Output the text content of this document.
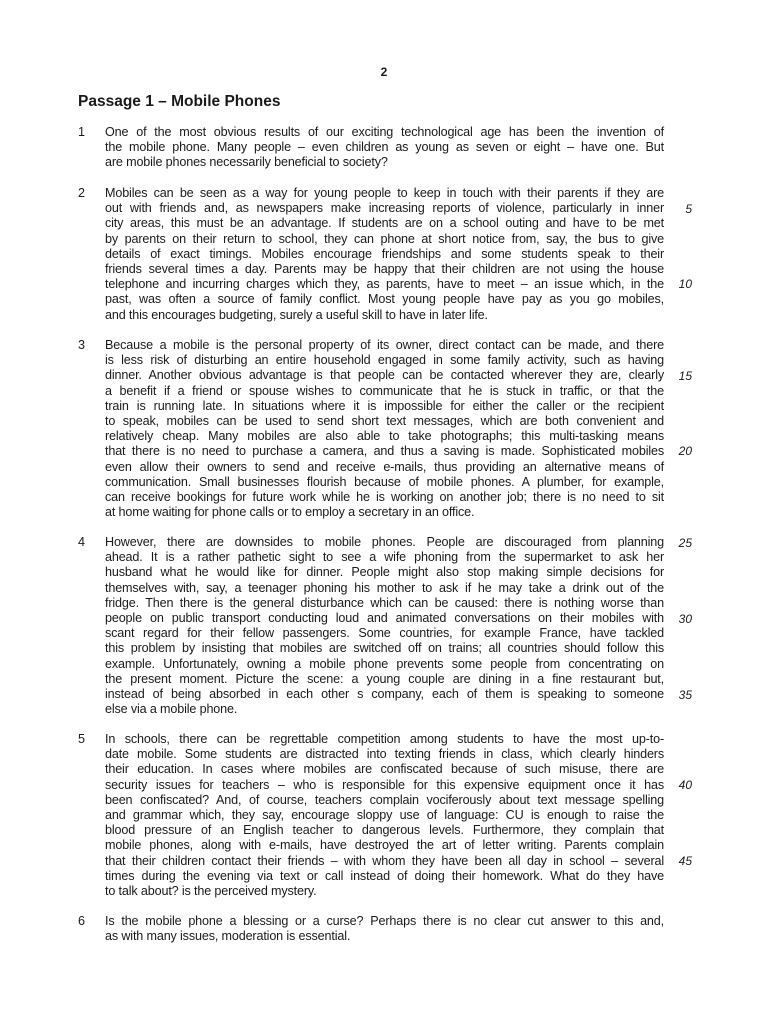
2
Passage 1 – Mobile Phones
1 One of the most obvious results of our exciting technological age has been the invention of
the mobile phone. Many people – even children as young as seven or eight – have one. But
are mobile phones necessarily beneficial to society?
2 Mobiles can be seen as a way for young people to keep in touch with their parents if they are
out with friends and, as newspapers make increasing reports of violence, particularly in inner
city areas, this must be an advantage. If students are on a school outing and have to be met
by parents on their return to school, they can phone at short notice from, say, the bus to give
details of exact timings. Mobiles encourage friendships and some students speak to their
friends several times a day. Parents may be happy that their children are not using the house
telephone and incurring charges which they, as parents, have to meet – an issue which, in the
past, was often a source of family conflict. Most young people have pay as you go mobiles,
and this encourages budgeting, surely a useful skill to have in later life.
3 Because a mobile is the personal property of its owner, direct contact can be made, and there
is less risk of disturbing an entire household engaged in some family activity, such as having
dinner. Another obvious advantage is that people can be contacted wherever they are, clearly
a benefit if a friend or spouse wishes to communicate that he is stuck in traffic, or that the
train is running late. In situations where it is impossible for either the caller or the recipient
to speak, mobiles can be used to send short text messages, which are both convenient and
relatively cheap. Many mobiles are also able to take photographs; this multi-tasking means
that there is no need to purchase a camera, and thus a saving is made. Sophisticated mobiles
even allow their owners to send and receive e-mails, thus providing an alternative means of
communication. Small businesses flourish because of mobile phones. A plumber, for example,
can receive bookings for future work while he is working on another job; there is no need to sit
at home waiting for phone calls or to employ a secretary in an office.
4 However, there are downsides to mobile phones. People are discouraged from planning
ahead. It is a rather pathetic sight to see a wife phoning from the supermarket to ask her
husband what he would like for dinner. People might also stop making simple decisions for
themselves with, say, a teenager phoning his mother to ask if he may take a drink out of the
fridge. Then there is the general disturbance which can be caused: there is nothing worse than
people on public transport conducting loud and animated conversations on their mobiles with
scant regard for their fellow passengers. Some countries, for example France, have tackled
this problem by insisting that mobiles are switched off on trains; all countries should follow this
example. Unfortunately, owning a mobile phone prevents some people from concentrating on
the present moment. Picture the scene: a young couple are dining in a fine restaurant but,
instead of being absorbed in each other s company, each of them is speaking to someone
else via a mobile phone.
5 In schools, there can be regrettable competition among students to have the most up-to-
date mobile. Some students are distracted into texting friends in class, which clearly hinders
their education. In cases where mobiles are confiscated because of such misuse, there are
security issues for teachers – who is responsible for this expensive equipment once it has
been confiscated? And, of course, teachers complain vociferously about text message spelling
and grammar which, they say, encourage sloppy use of language: CU is enough to raise the
blood pressure of an English teacher to dangerous levels. Furthermore, they complain that
mobile phones, along with e-mails, have destroyed the art of letter writing. Parents complain
that their children contact their friends – with whom they have been all day in school – several
times during the evening via text or call instead of doing their homework. What do they have
to talk about? is the perceived mystery.
6 Is the mobile phone a blessing or a curse? Perhaps there is no clear cut answer to this and,
as with many issues, moderation is essential.
5
10
15
20
25
30
35
40
45
